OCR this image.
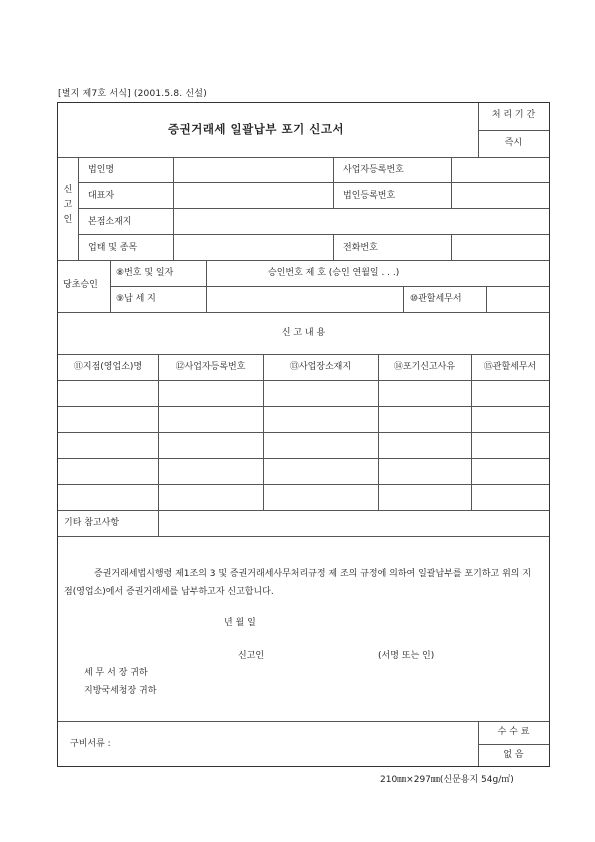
[별지 제7호 서식] (2001.5.8. 신설)
증권거래세 일괄납부 포기 신고서
처 리 기 간
즉시
신
고
인
법인명	사업자등록번호
대표자	법인등록번호
본점소재지
업태 및 종목	전화번호
당초승인
⑧번호 및 일자	승인번호 제 호 (승인 연월일 . . .)
⑨납 세 지	⑩관할세무서
신 고 내 용
⑪지점(영업소)명	⑫사업자등록번호	⑬사업장소재지	⑭포기신고사유	⑮관할세무서
기타 참고사항
증권거래세법시행령 제1조의 3 및 증권거래세사무처리규정 제 조의 규정에 의하여 일괄납부를 포기하고 위의 지점(영업소)에서 증권거래세를 납부하고자 신고합니다.
년 월 일
신고인	(서명 또는 인)
세 무 서 장 귀하
지방국세청장 귀하
구비서류 :
수 수 료
없 음
210㎜×297㎜(신문용지 54g/㎡)
